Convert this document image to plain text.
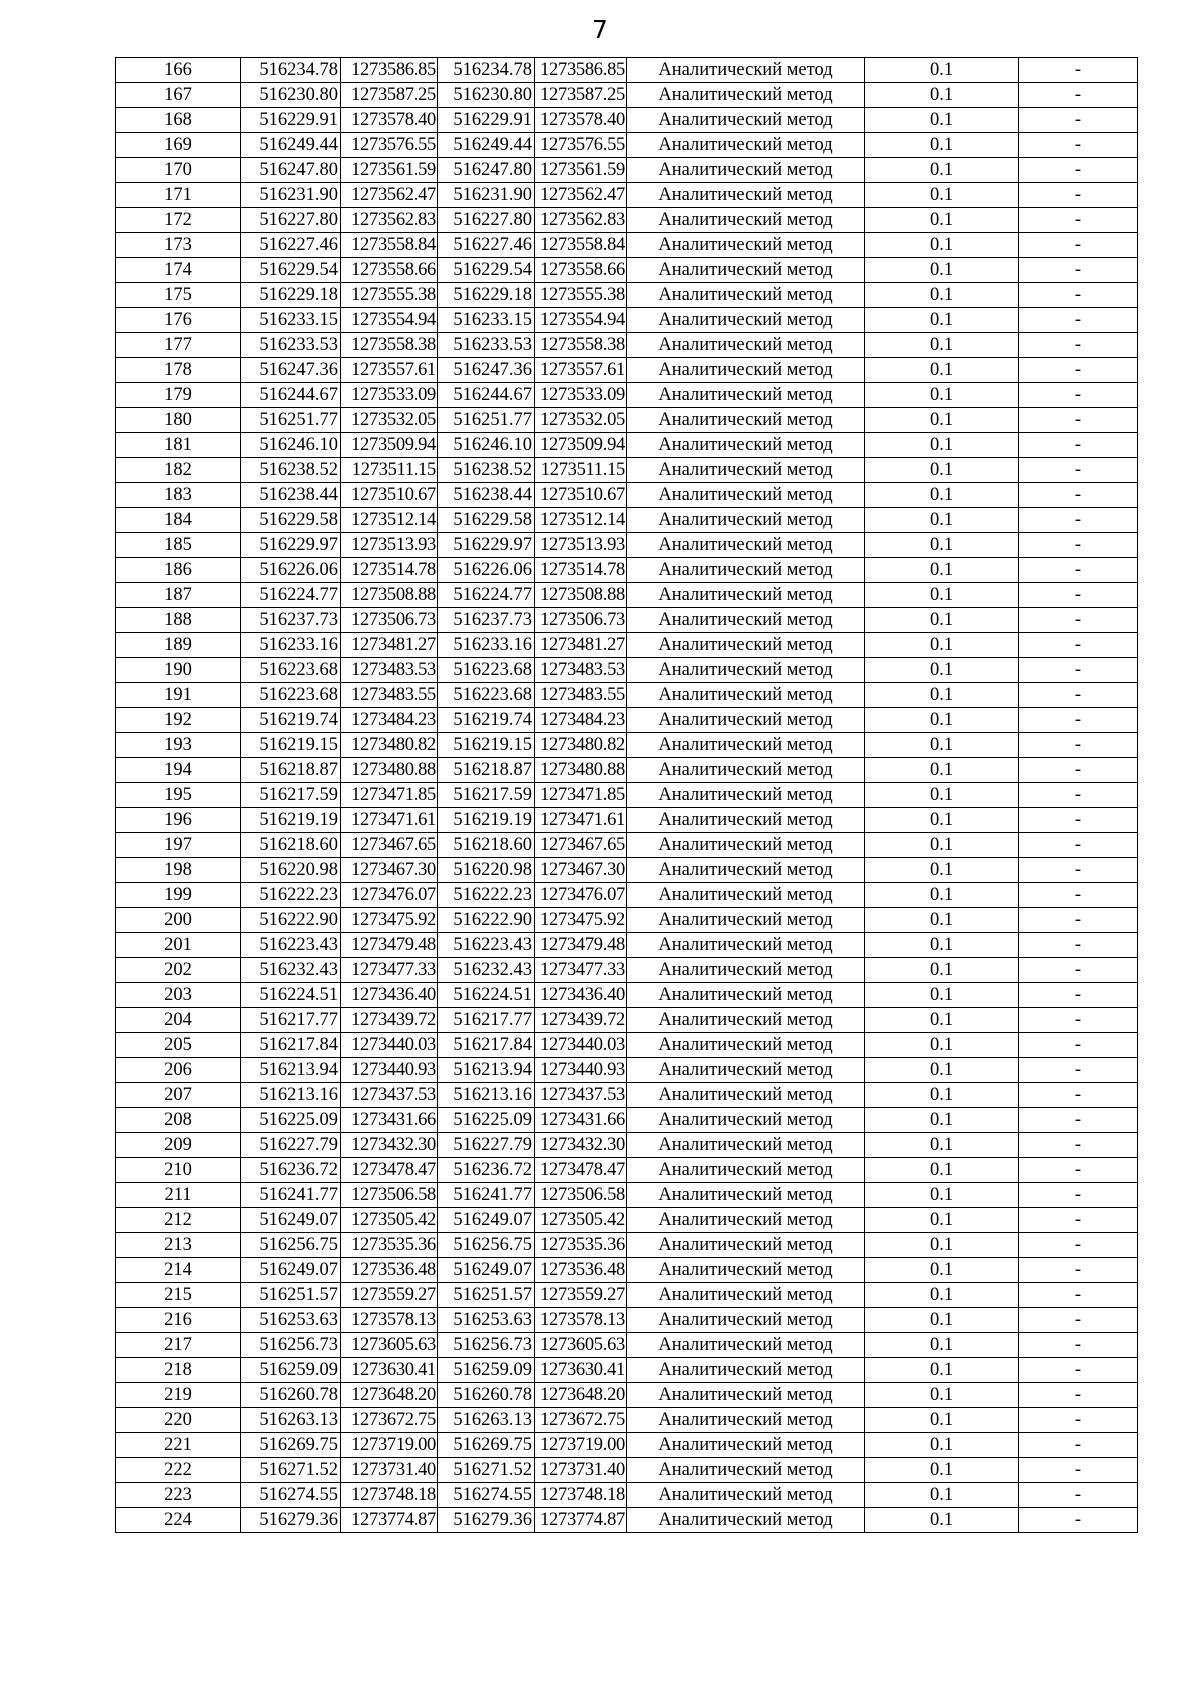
7
166	516234.78	1273586.85	516234.78	1273586.85	Аналитический метод	0.1	-
167	516230.80	1273587.25	516230.80	1273587.25	Аналитический метод	0.1	-
168	516229.91	1273578.40	516229.91	1273578.40	Аналитический метод	0.1	-
169	516249.44	1273576.55	516249.44	1273576.55	Аналитический метод	0.1	-
170	516247.80	1273561.59	516247.80	1273561.59	Аналитический метод	0.1	-
171	516231.90	1273562.47	516231.90	1273562.47	Аналитический метод	0.1	-
172	516227.80	1273562.83	516227.80	1273562.83	Аналитический метод	0.1	-
173	516227.46	1273558.84	516227.46	1273558.84	Аналитический метод	0.1	-
174	516229.54	1273558.66	516229.54	1273558.66	Аналитический метод	0.1	-
175	516229.18	1273555.38	516229.18	1273555.38	Аналитический метод	0.1	-
176	516233.15	1273554.94	516233.15	1273554.94	Аналитический метод	0.1	-
177	516233.53	1273558.38	516233.53	1273558.38	Аналитический метод	0.1	-
178	516247.36	1273557.61	516247.36	1273557.61	Аналитический метод	0.1	-
179	516244.67	1273533.09	516244.67	1273533.09	Аналитический метод	0.1	-
180	516251.77	1273532.05	516251.77	1273532.05	Аналитический метод	0.1	-
181	516246.10	1273509.94	516246.10	1273509.94	Аналитический метод	0.1	-
182	516238.52	1273511.15	516238.52	1273511.15	Аналитический метод	0.1	-
183	516238.44	1273510.67	516238.44	1273510.67	Аналитический метод	0.1	-
184	516229.58	1273512.14	516229.58	1273512.14	Аналитический метод	0.1	-
185	516229.97	1273513.93	516229.97	1273513.93	Аналитический метод	0.1	-
186	516226.06	1273514.78	516226.06	1273514.78	Аналитический метод	0.1	-
187	516224.77	1273508.88	516224.77	1273508.88	Аналитический метод	0.1	-
188	516237.73	1273506.73	516237.73	1273506.73	Аналитический метод	0.1	-
189	516233.16	1273481.27	516233.16	1273481.27	Аналитический метод	0.1	-
190	516223.68	1273483.53	516223.68	1273483.53	Аналитический метод	0.1	-
191	516223.68	1273483.55	516223.68	1273483.55	Аналитический метод	0.1	-
192	516219.74	1273484.23	516219.74	1273484.23	Аналитический метод	0.1	-
193	516219.15	1273480.82	516219.15	1273480.82	Аналитический метод	0.1	-
194	516218.87	1273480.88	516218.87	1273480.88	Аналитический метод	0.1	-
195	516217.59	1273471.85	516217.59	1273471.85	Аналитический метод	0.1	-
196	516219.19	1273471.61	516219.19	1273471.61	Аналитический метод	0.1	-
197	516218.60	1273467.65	516218.60	1273467.65	Аналитический метод	0.1	-
198	516220.98	1273467.30	516220.98	1273467.30	Аналитический метод	0.1	-
199	516222.23	1273476.07	516222.23	1273476.07	Аналитический метод	0.1	-
200	516222.90	1273475.92	516222.90	1273475.92	Аналитический метод	0.1	-
201	516223.43	1273479.48	516223.43	1273479.48	Аналитический метод	0.1	-
202	516232.43	1273477.33	516232.43	1273477.33	Аналитический метод	0.1	-
203	516224.51	1273436.40	516224.51	1273436.40	Аналитический метод	0.1	-
204	516217.77	1273439.72	516217.77	1273439.72	Аналитический метод	0.1	-
205	516217.84	1273440.03	516217.84	1273440.03	Аналитический метод	0.1	-
206	516213.94	1273440.93	516213.94	1273440.93	Аналитический метод	0.1	-
207	516213.16	1273437.53	516213.16	1273437.53	Аналитический метод	0.1	-
208	516225.09	1273431.66	516225.09	1273431.66	Аналитический метод	0.1	-
209	516227.79	1273432.30	516227.79	1273432.30	Аналитический метод	0.1	-
210	516236.72	1273478.47	516236.72	1273478.47	Аналитический метод	0.1	-
211	516241.77	1273506.58	516241.77	1273506.58	Аналитический метод	0.1	-
212	516249.07	1273505.42	516249.07	1273505.42	Аналитический метод	0.1	-
213	516256.75	1273535.36	516256.75	1273535.36	Аналитический метод	0.1	-
214	516249.07	1273536.48	516249.07	1273536.48	Аналитический метод	0.1	-
215	516251.57	1273559.27	516251.57	1273559.27	Аналитический метод	0.1	-
216	516253.63	1273578.13	516253.63	1273578.13	Аналитический метод	0.1	-
217	516256.73	1273605.63	516256.73	1273605.63	Аналитический метод	0.1	-
218	516259.09	1273630.41	516259.09	1273630.41	Аналитический метод	0.1	-
219	516260.78	1273648.20	516260.78	1273648.20	Аналитический метод	0.1	-
220	516263.13	1273672.75	516263.13	1273672.75	Аналитический метод	0.1	-
221	516269.75	1273719.00	516269.75	1273719.00	Аналитический метод	0.1	-
222	516271.52	1273731.40	516271.52	1273731.40	Аналитический метод	0.1	-
223	516274.55	1273748.18	516274.55	1273748.18	Аналитический метод	0.1	-
224	516279.36	1273774.87	516279.36	1273774.87	Аналитический метод	0.1	-
